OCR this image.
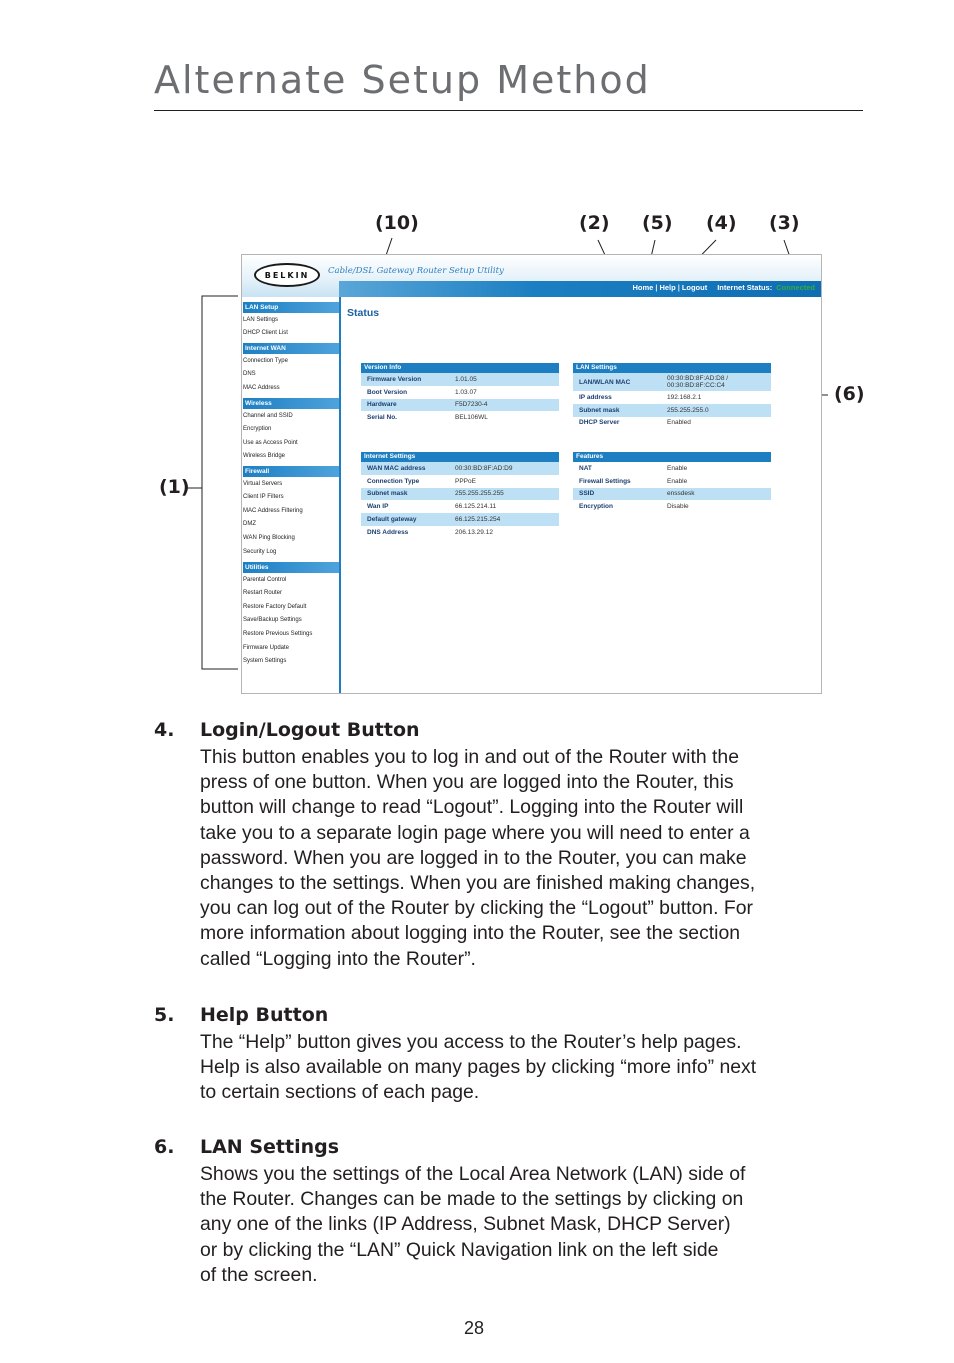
Alternate Setup Method
(10)	(2) (5) (4) (3)
(6)
(1)
BELKIN	Cable/DSL Gateway Router Setup Utility
Home | Help | Logout Internet Status: Connected
LAN Setup
LAN Settings
DHCP Client List
Internet WAN
Connection Type
DNS
MAC Address
Wireless
Channel and SSID
Encryption
Use as Access Point
Wireless Bridge
Firewall
Virtual Servers
Client IP Filters
MAC Address Filtering
DMZ
WAN Ping Blocking
Security Log
Utilities
Parental Control
Restart Router
Restore Factory Default
Save/Backup Settings
Restore Previous Settings
Firmware Update
System Settings
Status
Version Info
Firmware Version	1.01.05
Boot Version	1.03.07
Hardware	F5D7230-4
Serial No.	BEL106WL
LAN Settings
LAN/WLAN MAC	00:30:BD:8F:AD:D8 /
00:30:BD:8F:CC:C4
IP address	192.168.2.1
Subnet mask	255.255.255.0
DHCP Server	Enabled
Internet Settings
WAN MAC address	00:30:BD:8F:AD:D9
Connection Type	PPPoE
Subnet mask	255.255.255.255
Wan IP	66.125.214.11
Default gateway	66.125.215.254
DNS Address	206.13.29.12
Features
NAT	Enable
Firewall Settings	Enable
SSID	enssdesk
Encryption	Disable
4. Login/Logout Button
This button enables you to log in and out of the Router with the
press of one button. When you are logged into the Router, this
button will change to read “Logout”. Logging into the Router will
take you to a separate login page where you will need to enter a
password. When you are logged in to the Router, you can make
changes to the settings. When you are finished making changes,
you can log out of the Router by clicking the “Logout” button. For
more information about logging into the Router, see the section
called “Logging into the Router”.
5. Help Button
The “Help” button gives you access to the Router’s help pages.
Help is also available on many pages by clicking “more info” next
to certain sections of each page.
6. LAN Settings
Shows you the settings of the Local Area Network (LAN) side of
the Router. Changes can be made to the settings by clicking on
any one of the links (IP Address, Subnet Mask, DHCP Server)
or by clicking the “LAN” Quick Navigation link on the left side
of the screen.
28
